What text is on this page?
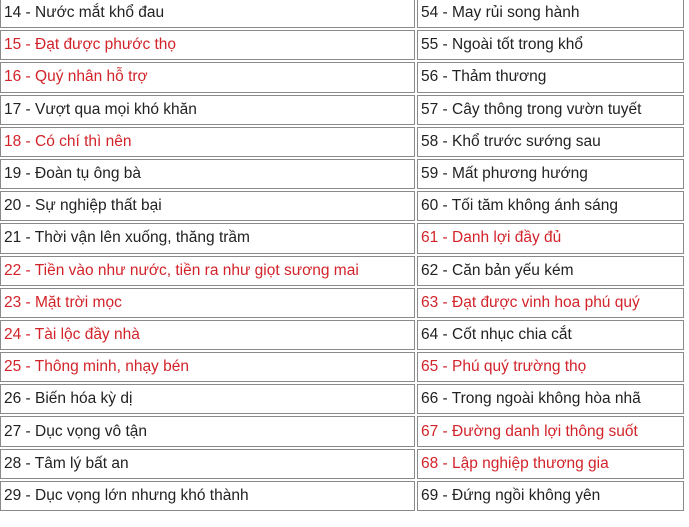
14 - Nước mắt khổ đau	54 - May rủi song hành
15 - Đạt được phước thọ	55 - Ngoài tốt trong khổ
16 - Quý nhân hỗ trợ	56 - Thảm thương
17 - Vượt qua mọi khó khăn	57 - Cây thông trong vườn tuyết
18 - Có chí thì nên	58 - Khổ trước sướng sau
19 - Đoàn tụ ông bà	59 - Mất phương hướng
20 - Sự nghiệp thất bại	60 - Tối tăm không ánh sáng
21 - Thời vận lên xuống, thăng trầm	61 - Danh lợi đầy đủ
22 - Tiền vào như nước, tiền ra như giọt sương mai	62 - Căn bản yếu kém
23 - Mặt trời mọc	63 - Đạt được vinh hoa phú quý
24 - Tài lộc đầy nhà	64 - Cốt nhục chia cắt
25 - Thông minh, nhạy bén	65 - Phú quý trường thọ
26 - Biến hóa kỳ dị	66 - Trong ngoài không hòa nhã
27 - Dục vọng vô tận	67 - Đường danh lợi thông suốt
28 - Tâm lý bất an	68 - Lập nghiệp thương gia
29 - Dục vọng lớn nhưng khó thành	69 - Đứng ngồi không yên
